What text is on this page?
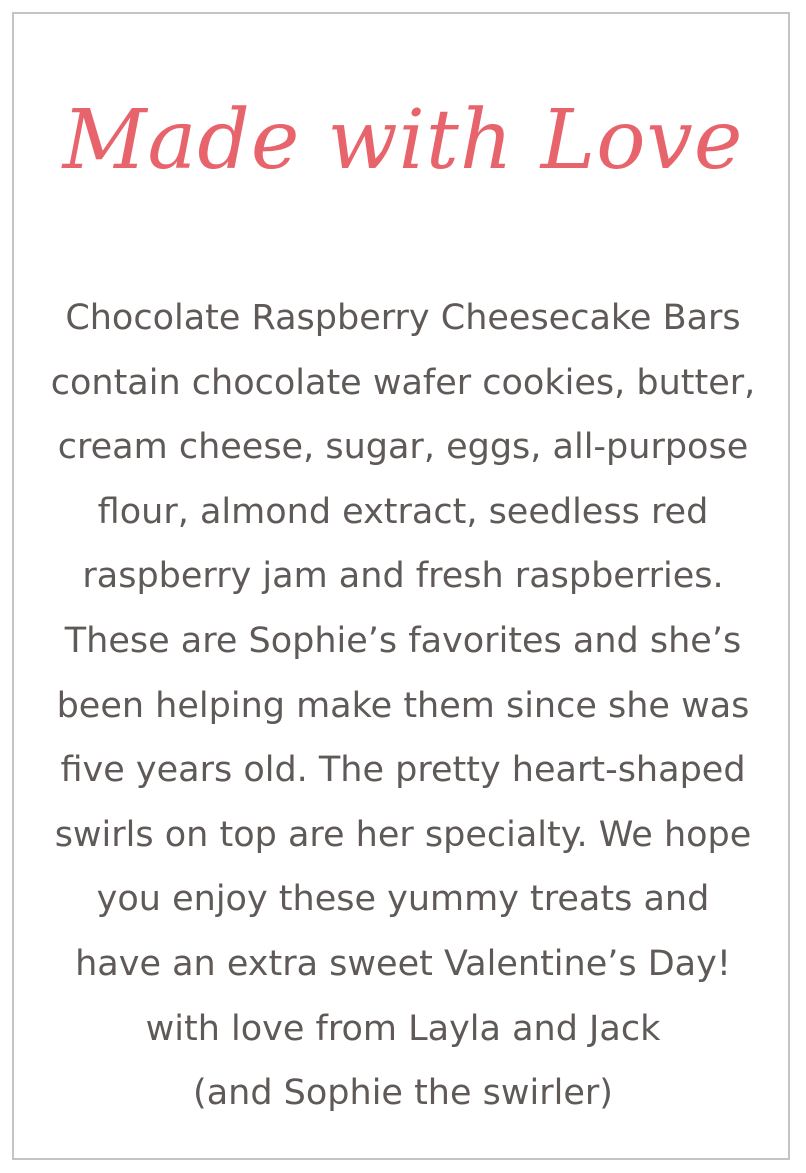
Made with Love
Chocolate Raspberry Cheesecake Bars
contain chocolate wafer cookies, butter,
cream cheese, sugar, eggs, all-purpose
flour, almond extract, seedless red
raspberry jam and fresh raspberries.
These are Sophie’s favorites and she’s
been helping make them since she was
five years old. The pretty heart-shaped
swirls on top are her specialty. We hope
you enjoy these yummy treats and
have an extra sweet Valentine’s Day!
with love from Layla and Jack
(and Sophie the swirler)
